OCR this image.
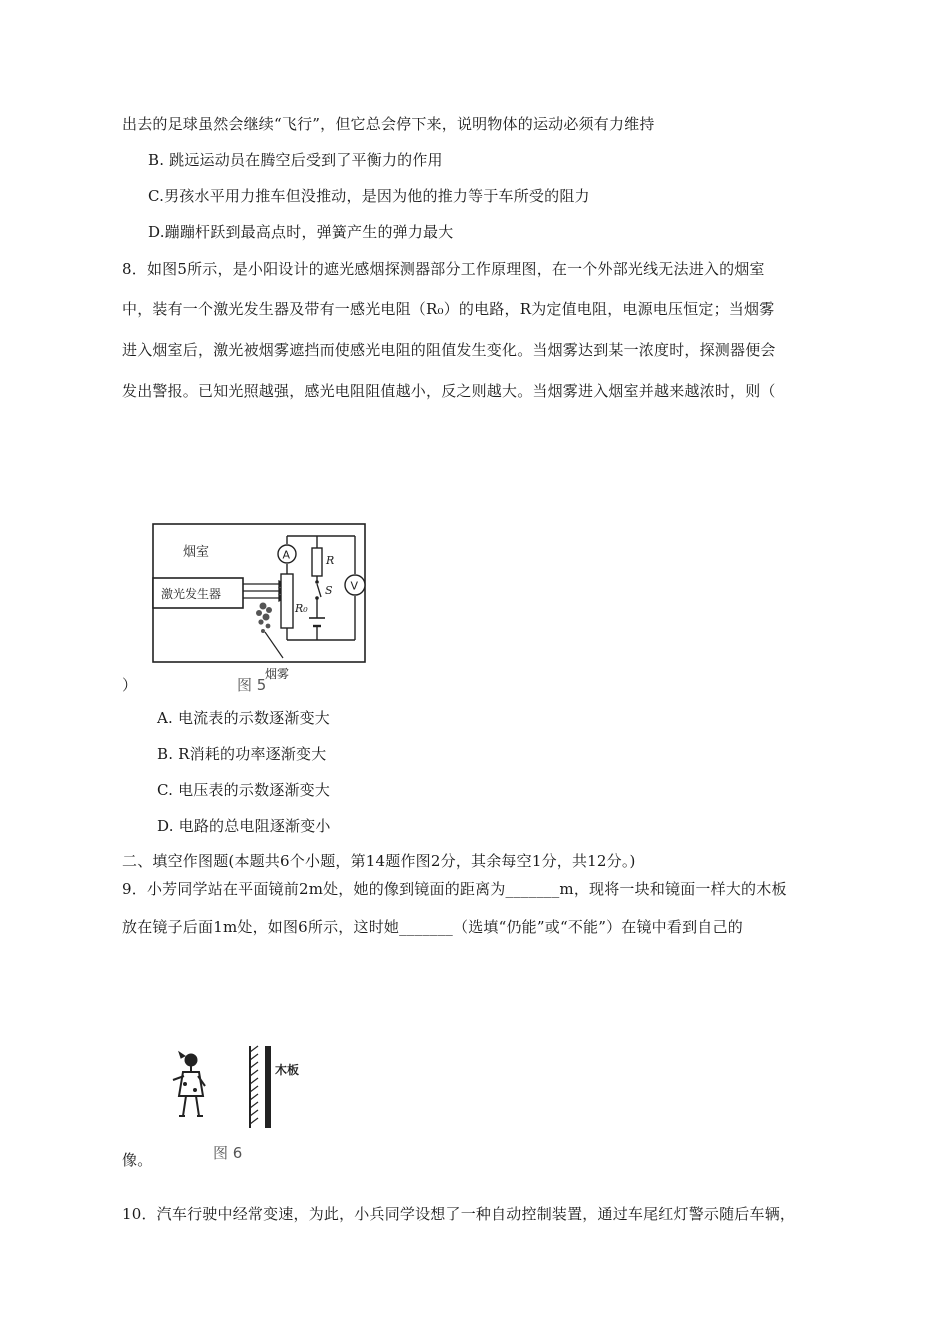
出去的足球虽然会继续“飞行”，但它总会停下来，说明物体的运动必须有力维持
B. 跳远运动员在腾空后受到了平衡力的作用
C.男孩水平用力推车但没推动，是因为他的推力等于车所受的阻力
D.蹦蹦杆跃到最高点时，弹簧产生的弹力最大
8．如图5所示，是小阳设计的遮光感烟探测器部分工作原理图，在一个外部光线无法进入的烟室
中，装有一个激光发生器及带有一感光电阻（R₀）的电路，R为定值电阻，电源电压恒定；当烟雾
进入烟室后，激光被烟雾遮挡而使感光电阻的阻值发生变化。当烟雾达到某一浓度时，探测器便会
发出警报。已知光照越强，感光电阻阻值越小，反之则越大。当烟雾进入烟室并越来越浓时，则（
烟室
激光发生器
烟雾
A
R₀
R
S V
图 5
）
A. 电流表的示数逐渐变大
B. R消耗的功率逐渐变大
C. 电压表的示数逐渐变大
D. 电路的总电阻逐渐变小
二、填空作图题(本题共6个小题，第14题作图2分，其余每空1分，共12分。)
9．小芳同学站在平面镜前2m处，她的像到镜面的距离为_______m，现将一块和镜面一样大的木板
放在镜子后面1m处，如图6所示，这时她_______（选填“仍能”或“不能”）在镜中看到自己的
木板
图 6
像。
10．汽车行驶中经常变速，为此，小兵同学设想了一种自动控制装置，通过车尾红灯警示随后车辆，
